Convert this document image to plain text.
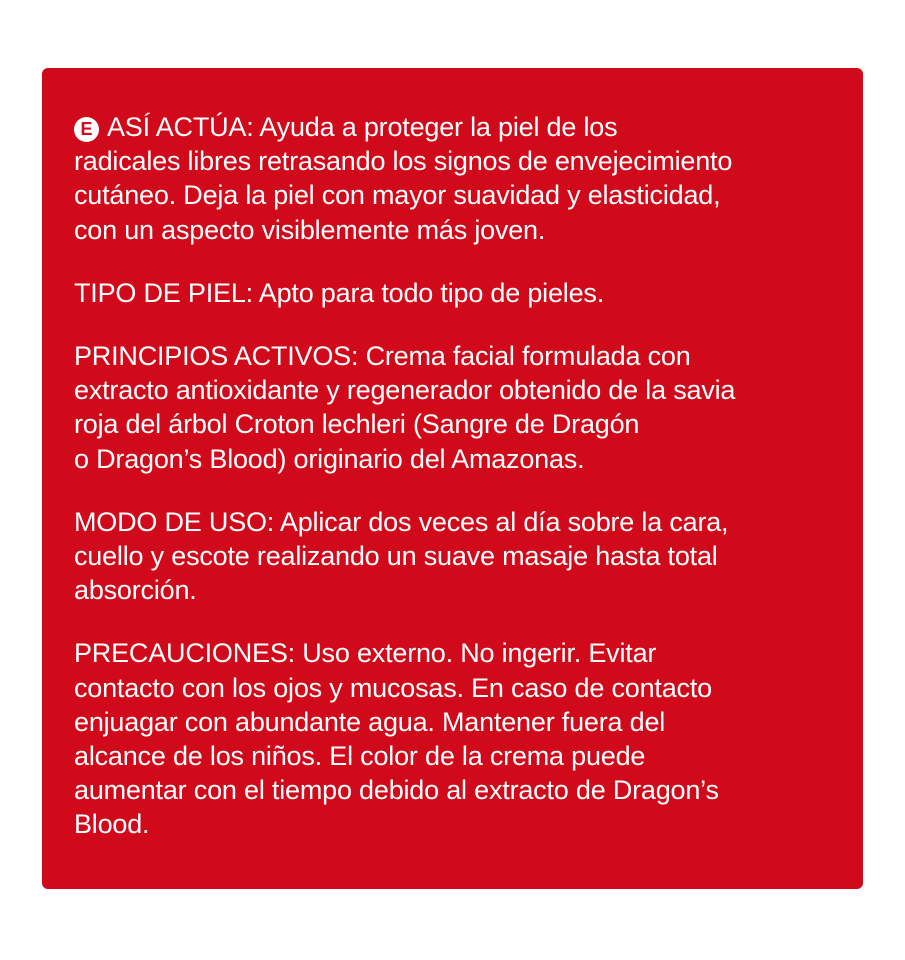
E ASÍ ACTÚA: Ayuda a proteger la piel de los
radicales libres retrasando los signos de envejecimiento
cutáneo. Deja la piel con mayor suavidad y elasticidad,
con un aspecto visiblemente más joven.
TIPO DE PIEL: Apto para todo tipo de pieles.
PRINCIPIOS ACTIVOS: Crema facial formulada con
extracto antioxidante y regenerador obtenido de la savia
roja del árbol Croton lechleri (Sangre de Dragón
o Dragon’s Blood) originario del Amazonas.
MODO DE USO: Aplicar dos veces al día sobre la cara,
cuello y escote realizando un suave masaje hasta total
absorción.
PRECAUCIONES: Uso externo. No ingerir. Evitar
contacto con los ojos y mucosas. En caso de contacto
enjuagar con abundante agua. Mantener fuera del
alcance de los niños. El color de la crema puede
aumentar con el tiempo debido al extracto de Dragon’s
Blood.
